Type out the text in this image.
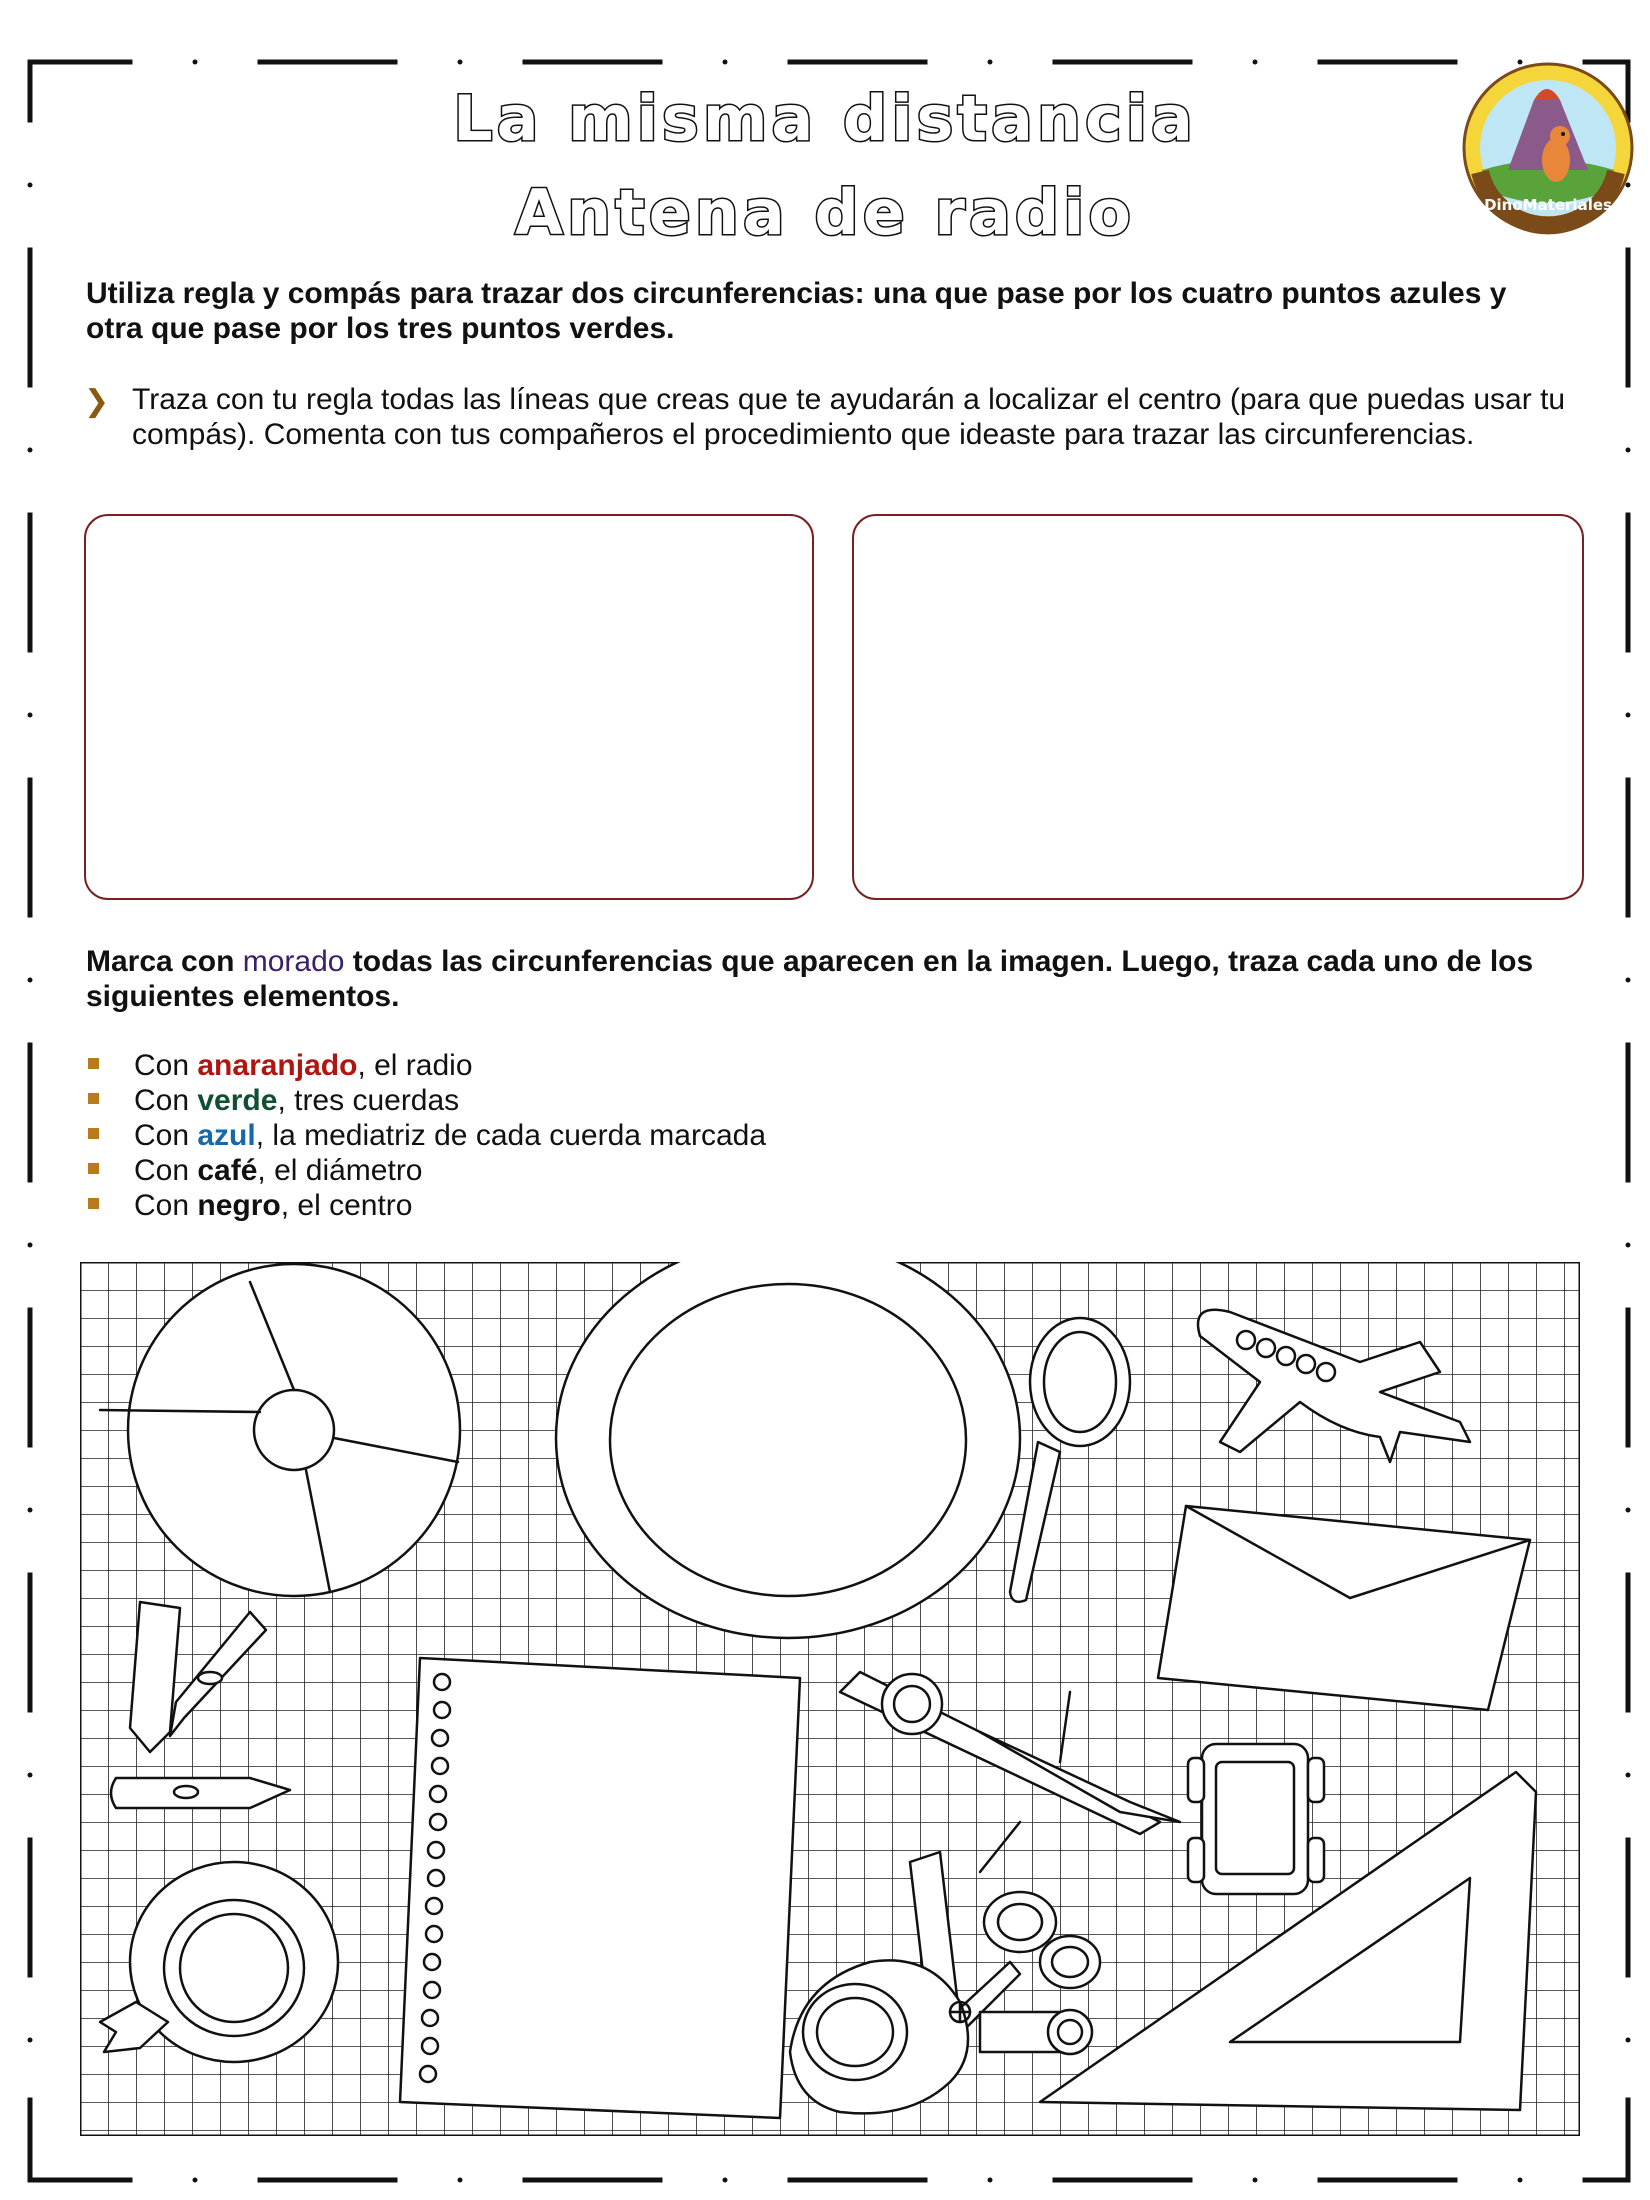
La misma distancia
Antena de radio	DinoMateriales
Utiliza regla y compás para trazar dos circunferencias: una que pase por los cuatro puntos azules y otra que pase por los tres puntos verdes.
❯ Traza con tu regla todas las líneas que creas que te ayudarán a localizar el centro (para que puedas usar tu compás). Comenta con tus compañeros el procedimiento que ideaste para trazar las circunferencias.
Marca con morado todas las circunferencias que aparecen en la imagen. Luego, traza cada uno de los siguientes elementos.
Con anaranjado, el radio
Con verde, tres cuerdas
Con azul, la mediatriz de cada cuerda marcada
Con café, el diámetro
Con negro, el centro
